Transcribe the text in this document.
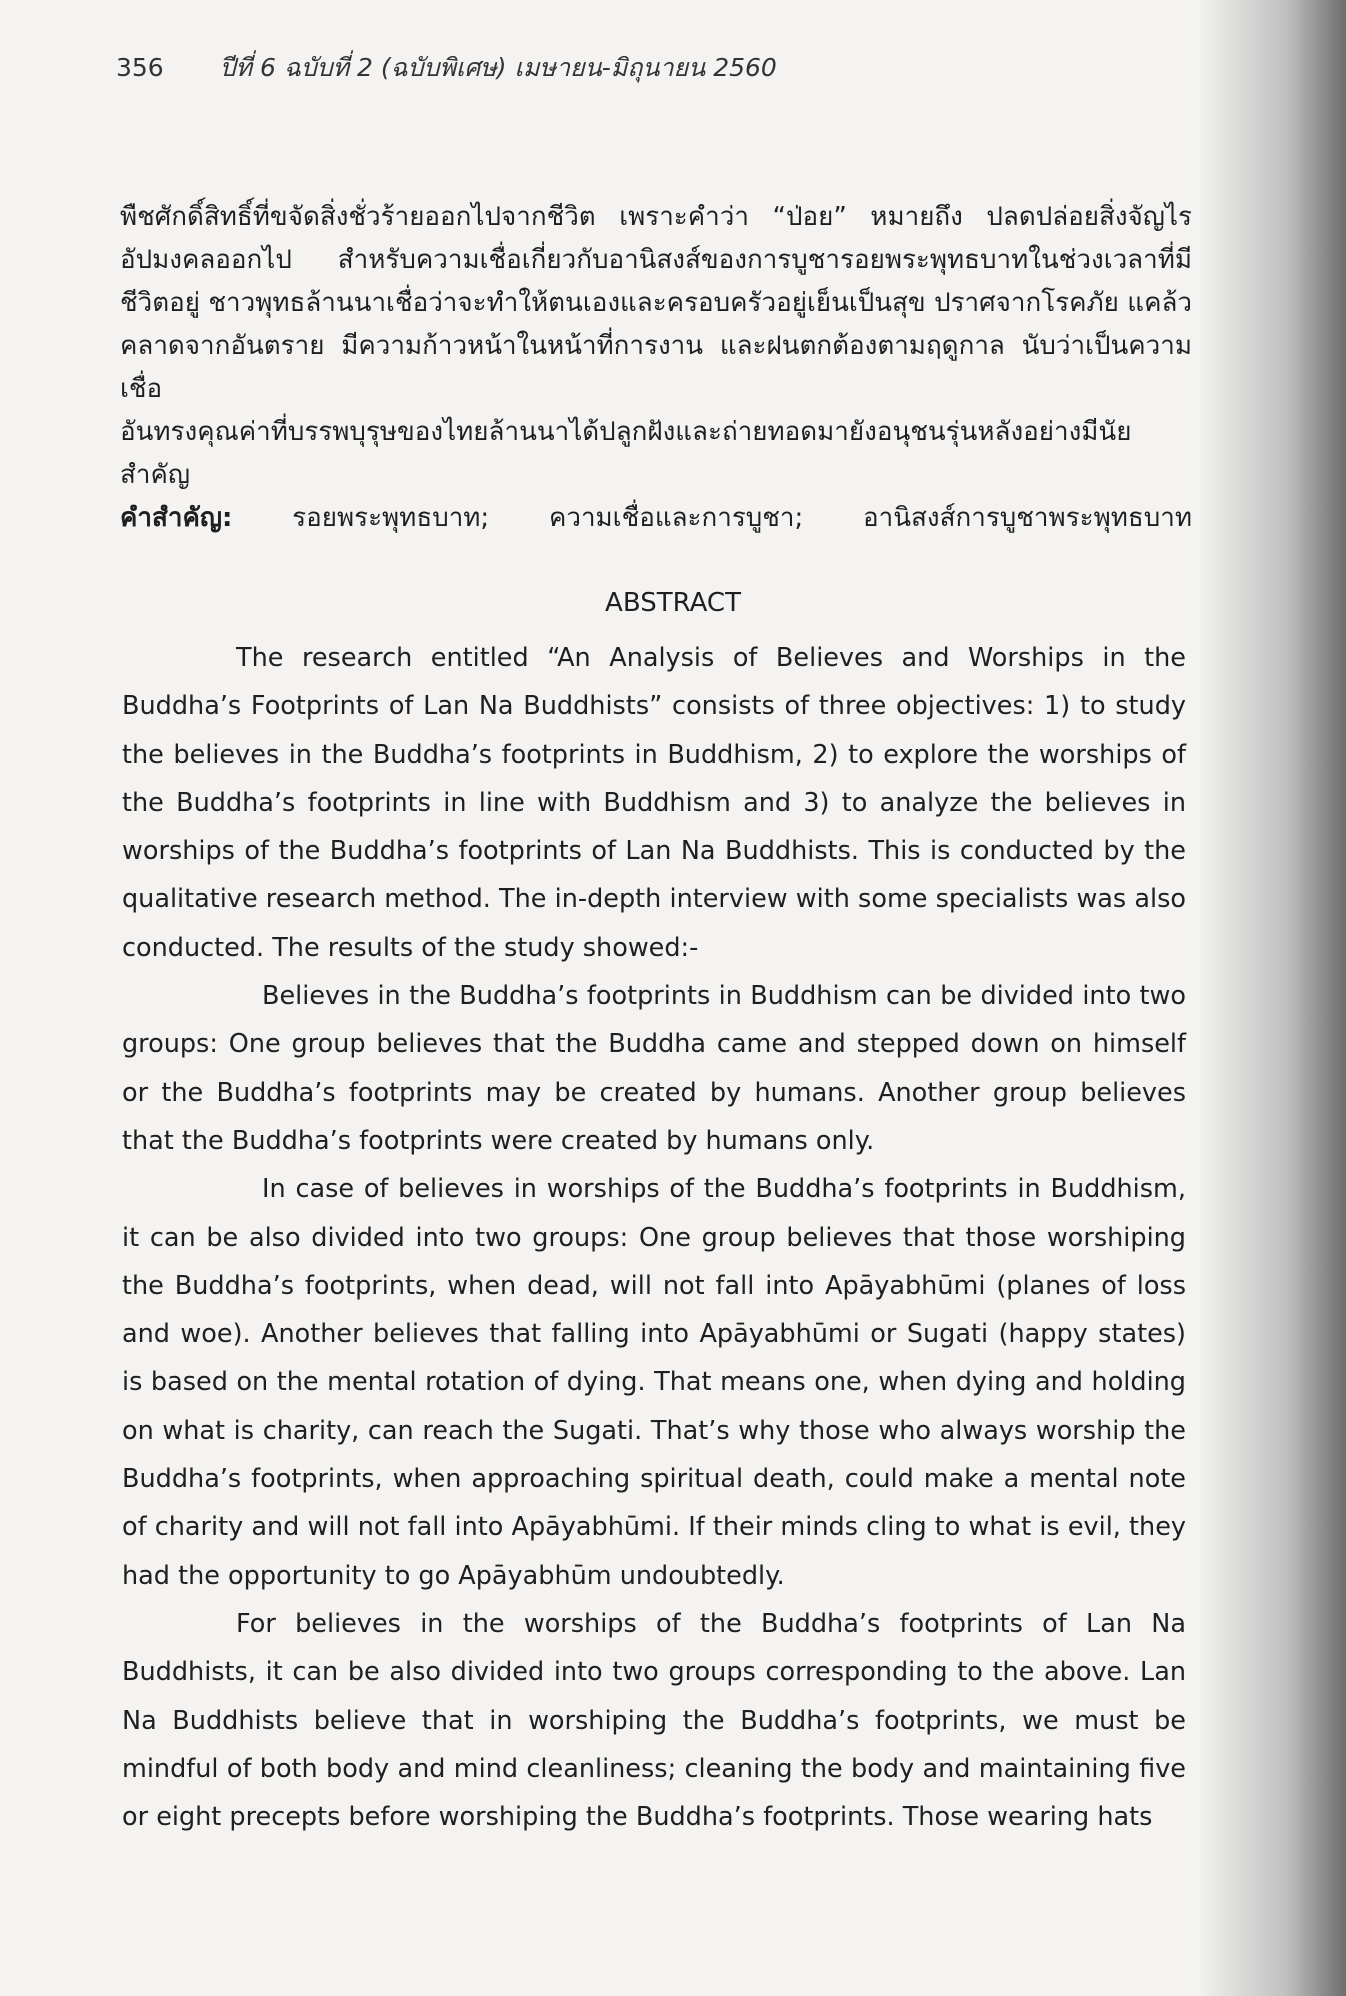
356 ปีที่ 6 ฉบับที่ 2 (ฉบับพิเศษ) เมษายน-มิถุนายน 2560

พืชศักดิ์สิทธิ์ที่ขจัดสิ่งชั่วร้ายออกไปจากชีวิต เพราะคำว่า “ป่อย” หมายถึง ปลดปล่อยสิ่งจัญไร

อัปมงคลออกไป สำหรับความเชื่อเกี่ยวกับอานิสงส์ของการบูชารอยพระพุทธบาทในช่วงเวลาที่มี

ชีวิตอยู่ ชาวพุทธล้านนาเชื่อว่าจะทำให้ตนเองและครอบครัวอยู่เย็นเป็นสุข ปราศจากโรคภัย แคล้ว

คลาดจากอันตราย มีความก้าวหน้าในหน้าที่การงาน และฝนตกต้องตามฤดูกาล นับว่าเป็นความเชื่อ

อันทรงคุณค่าที่บรรพบุรุษของไทยล้านนาได้ปลูกฝังและถ่ายทอดมายังอนุชนรุ่นหลังอย่างมีนัยสำคัญ

คำสำคัญ: รอยพระพุทธบาท; ความเชื่อและการบูชา; อานิสงส์การบูชาพระพุทธบาท

ABSTRACT

The research entitled “An Analysis of Believes and Worships in the Buddha’s Footprints of Lan Na Buddhists” consists of three objectives: 1) to study the believes in the Buddha’s footprints in Buddhism, 2) to explore the worships of the Buddha’s footprints in line with Buddhism and 3) to analyze the believes in worships of the Buddha’s footprints of Lan Na Buddhists. This is conducted by the qualitative research method. The in-depth interview with some specialists was also conducted. The results of the study showed:-

Believes in the Buddha’s footprints in Buddhism can be divided into two groups: One group believes that the Buddha came and stepped down on himself or the Buddha’s footprints may be created by humans. Another group believes that the Buddha’s footprints were created by humans only.

In case of believes in worships of the Buddha’s footprints in Buddhism, it can be also divided into two groups: One group believes that those worshiping the Buddha’s footprints, when dead, will not fall into Apāyabhūmi (planes of loss and woe). Another believes that falling into Apāyabhūmi or Sugati (happy states) is based on the mental rotation of dying. That means one, when dying and holding on what is charity, can reach the Sugati. That’s why those who always worship the Buddha’s footprints, when approaching spiritual death, could make a mental note of charity and will not fall into Apāyabhūmi. If their minds cling to what is evil, they had the opportunity to go Apāyabhūm undoubtedly.

For believes in the worships of the Buddha’s footprints of Lan Na Buddhists, it can be also divided into two groups corresponding to the above. Lan Na Buddhists believe that in worshiping the Buddha’s footprints, we must be mindful of both body and mind cleanliness; cleaning the body and maintaining five or eight precepts before worshiping the Buddha’s footprints. Those wearing hats
